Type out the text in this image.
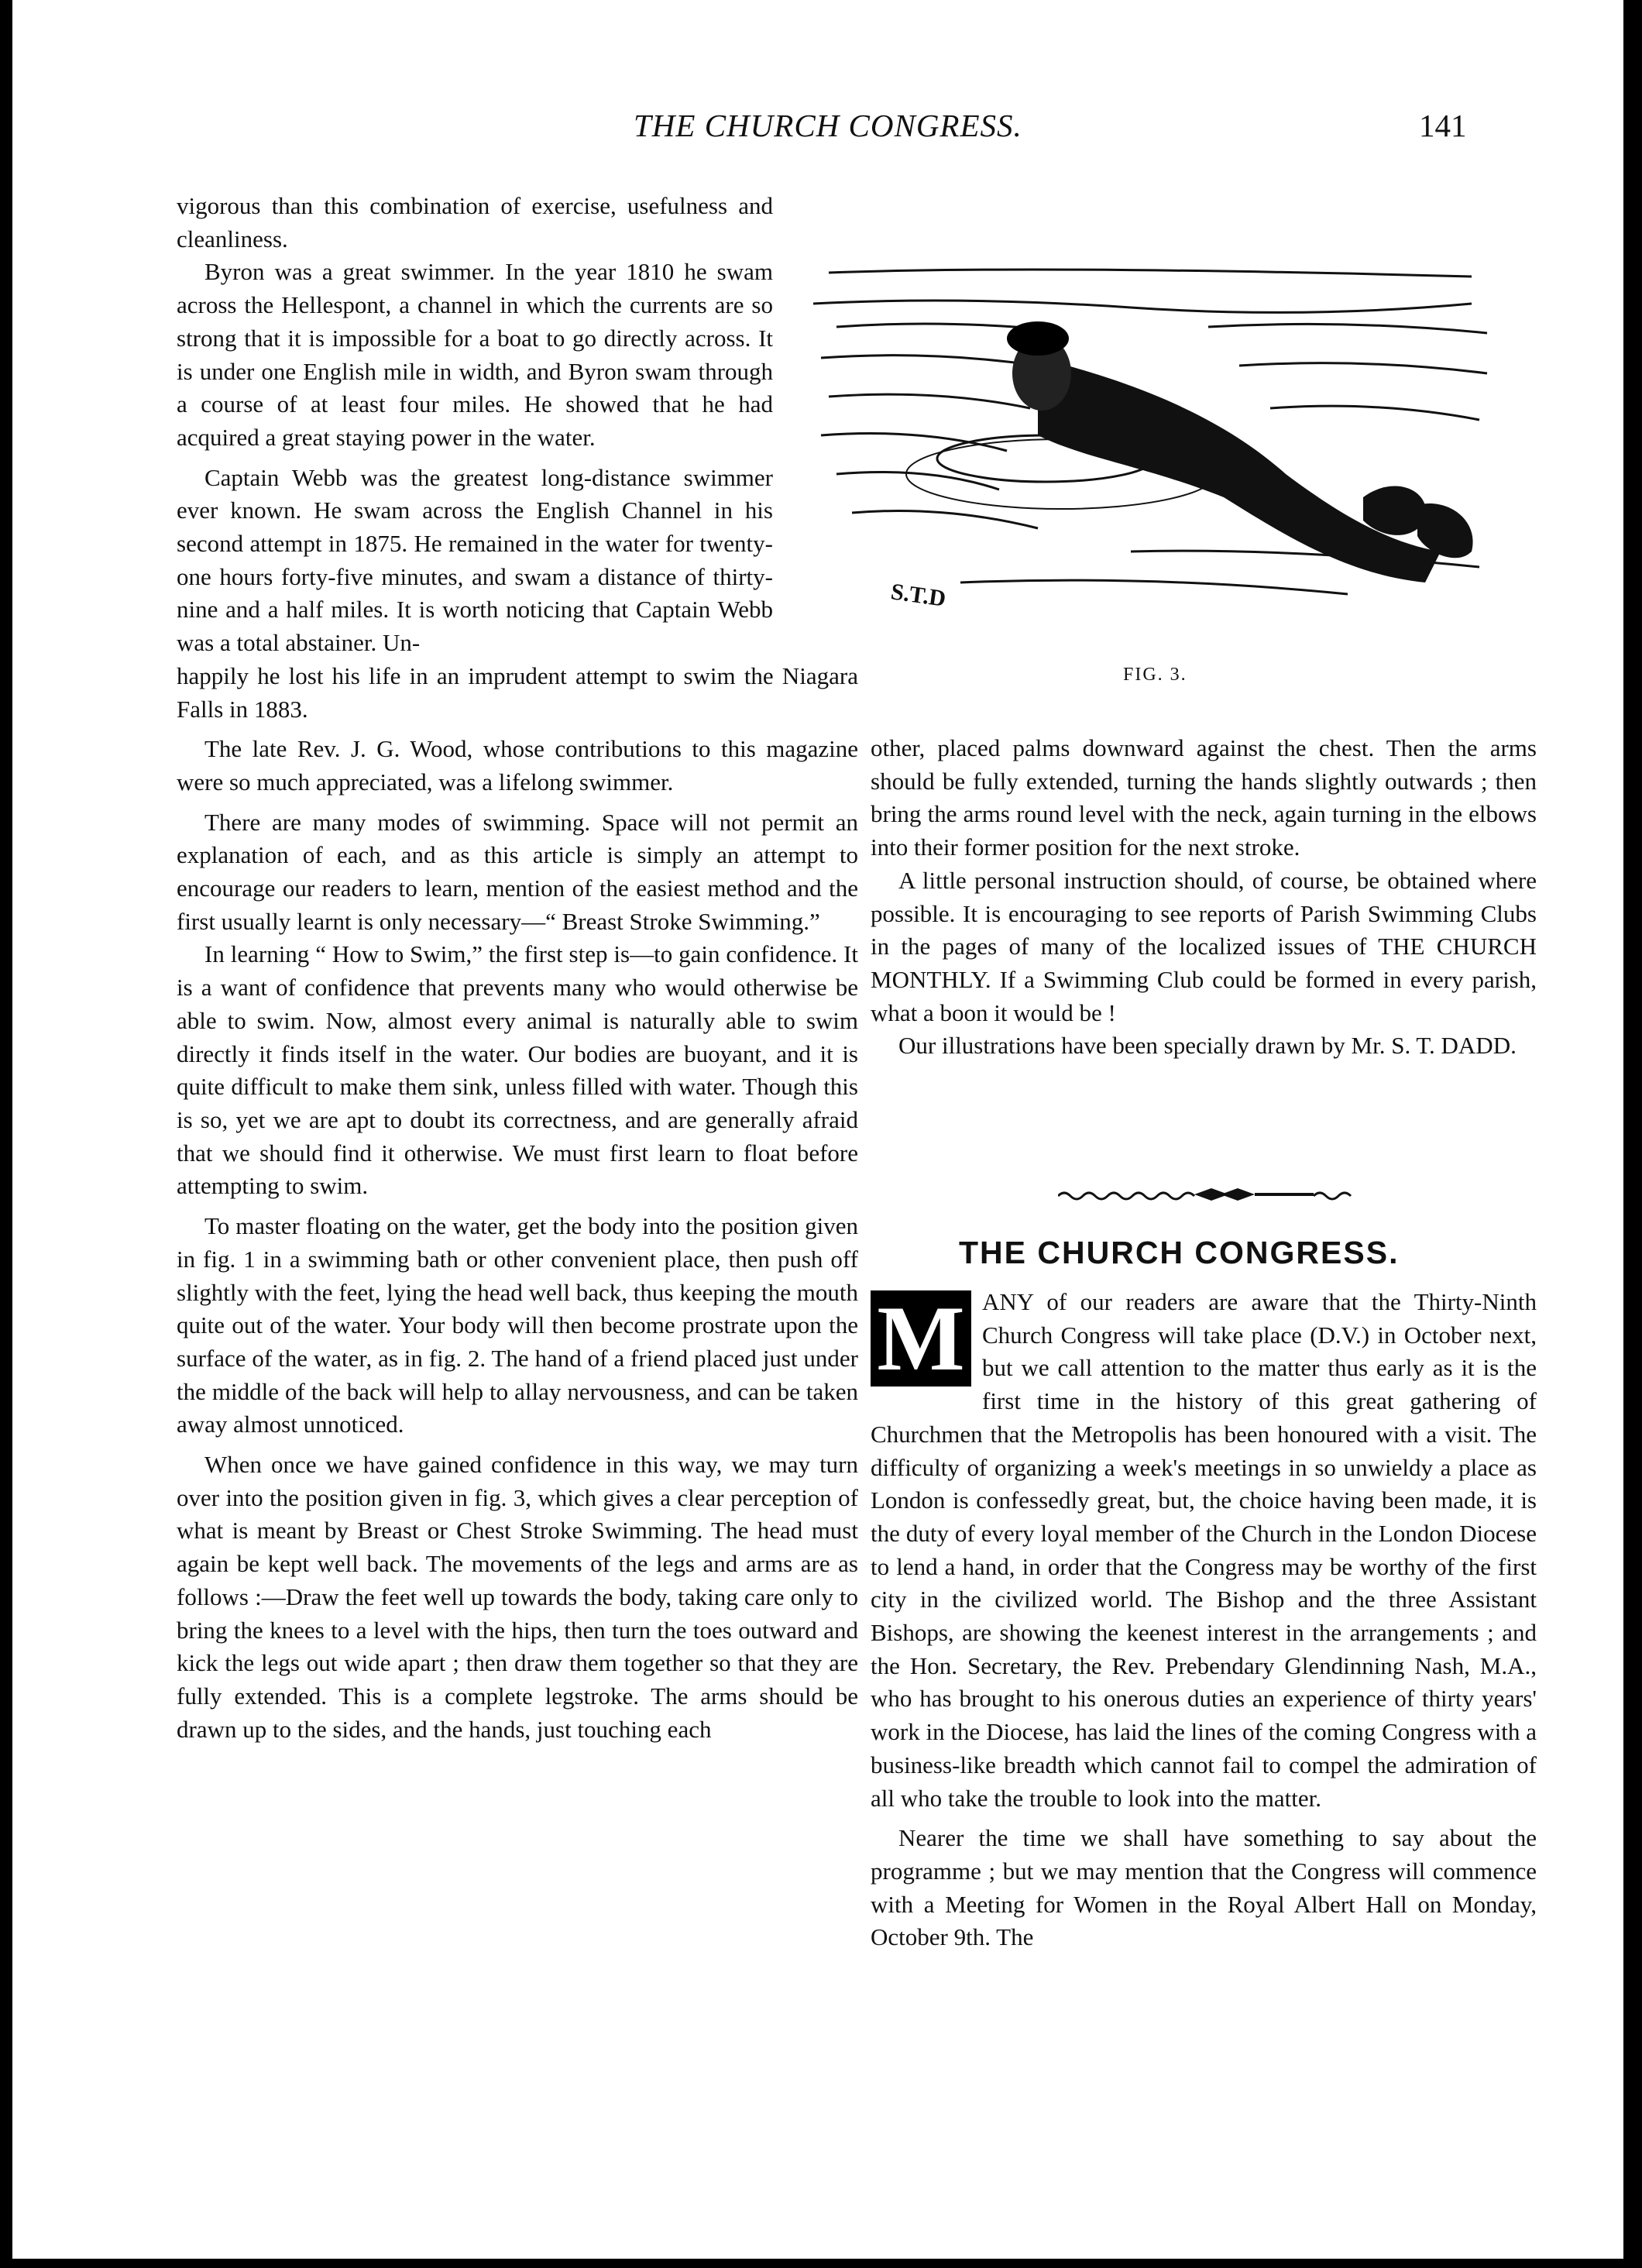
THE CHURCH CONGRESS.	141

vigorous than this combination of exercise, usefulness and cleanliness.

Byron was a great swimmer. In the year 1810 he swam across the Hellespont, a channel in which the currents are so strong that it is impossible for a boat to go directly across. It is under one English mile in width, and Byron swam through a course of at least four miles. He showed that he had acquired a great staying power in the water.

Captain Webb was the greatest long-distance swimmer ever known. He swam across the English Channel in his second attempt in 1875. He remained in the water for twenty-one hours forty-five minutes, and swam a distance of thirty-nine and a half miles. It is worth noticing that Captain Webb was a total abstainer. Un-

happily he lost his life in an imprudent attempt to swim the Niagara Falls in 1883.

The late Rev. J. G. Wood, whose contributions to this magazine were so much appreciated, was a lifelong swimmer.

There are many modes of swimming. Space will not permit an explanation of each, and as this article is simply an attempt to encourage our readers to learn, mention of the easiest method and the first usually learnt is only necessary—“ Breast Stroke Swimming.”

In learning “ How to Swim,” the first step is—to gain confidence. It is a want of confidence that prevents many who would otherwise be able to swim. Now, almost every animal is naturally able to swim directly it finds itself in the water. Our bodies are buoyant, and it is quite difficult to make them sink, unless filled with water. Though this is so, yet we are apt to doubt its correctness, and are generally afraid that we should find it otherwise. We must first learn to float before attempting to swim.

To master floating on the water, get the body into the position given in fig. 1 in a swimming bath or other convenient place, then push off slightly with the feet, lying the head well back, thus keeping the mouth quite out of the water. Your body will then become prostrate upon the surface of the water, as in fig. 2. The hand of a friend placed just under the middle of the back will help to allay nervousness, and can be taken away almost unnoticed.

When once we have gained confidence in this way, we may turn over into the position given in fig. 3, which gives a clear perception of what is meant by Breast or Chest Stroke Swimming. The head must again be kept well back. The movements of the legs and arms are as follows :—Draw the feet well up towards the body, taking care only to bring the knees to a level with the hips, then turn the toes outward and kick the legs out wide apart ; then draw them together so that they are fully extended. This is a complete legstroke. The arms should be drawn up to the sides, and the hands, just touching each

S.T.D
FIG. 3.

other, placed palms downward against the chest. Then the arms should be fully extended, turning the hands slightly outwards ; then bring the arms round level with the neck, again turning in the elbows into their former position for the next stroke.

A little personal instruction should, of course, be obtained where possible. It is encouraging to see reports of Parish Swimming Clubs in the pages of many of the localized issues of THE CHURCH MONTHLY. If a Swimming Club could be formed in every parish, what a boon it would be !

Our illustrations have been specially drawn by Mr. S. T. DADD.

THE CHURCH CONGRESS.
M ANY of our readers are aware that the Thirty-Ninth Church Congress will take place (D.V.) in October next, but we call attention to the matter thus early as it is the first time in the history of this great gathering of Churchmen that the Metropolis has been honoured with a visit. The difficulty of organizing a week's meetings in so unwieldy a place as London is confessedly great, but, the choice having been made, it is the duty of every loyal member of the Church in the London Diocese to lend a hand, in order that the Congress may be worthy of the first city in the civilized world. The Bishop and the three Assistant Bishops, are showing the keenest interest in the arrangements ; and the Hon. Secretary, the Rev. Prebendary Glendinning Nash, M.A., who has brought to his onerous duties an experience of thirty years' work in the Diocese, has laid the lines of the coming Congress with a business-like breadth which cannot fail to compel the admiration of all who take the trouble to look into the matter.

Nearer the time we shall have something to say about the programme ; but we may mention that the Congress will commence with a Meeting for Women in the Royal Albert Hall on Monday, October 9th. The
